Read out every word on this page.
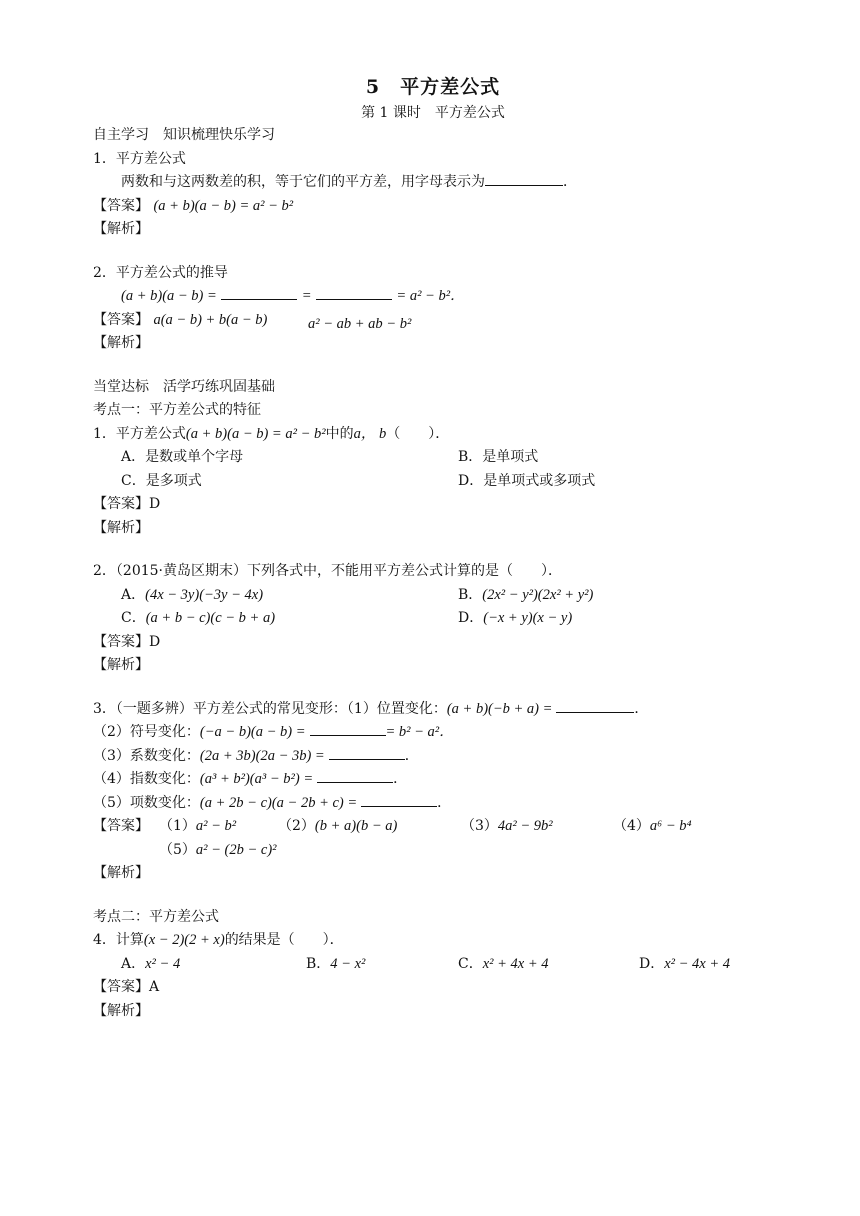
5　平方差公式
第 1 课时　平方差公式
自主学习　知识梳理快乐学习
1．平方差公式
两数和与这两数差的积，等于它们的平方差，用字母表示为	．
【答案】 (a + b)(a − b) = a² − b²
【解析】
2．平方差公式的推导
(a + b)(a − b) =	=	= a² − b²．
【答案】 a(a − b) + b(a − b)	a² − ab + ab − b²
【解析】
当堂达标　活学巧练巩固基础
考点一：平方差公式的特征
1．平方差公式(a + b)(a − b) = a² − b²中的a， b（　　）．
A．是数或单个字母	B．是单项式
C．是多项式	D．是单项式或多项式
【答案】D
【解析】
2．（2015·黄岛区期末）下列各式中，不能用平方差公式计算的是（　　）．
A．(4x − 3y)(−3y − 4x)	B．(2x² − y²)(2x² + y²)
C．(a + b − c)(c − b + a)	D．(−x + y)(x − y)
【答案】D
【解析】
3．（一题多辨）平方差公式的常见变形：（1）位置变化：(a + b)(−b + a) =	．
（2）符号变化：(−a − b)(a − b) =	= b² − a²．
（3）系数变化：(2a + 3b)(2a − 3b) =	．
（4）指数变化：(a³ + b²)(a³ − b²) =	．
（5）项数变化：(a + 2b − c)(a − 2b + c) =	．
【答案】 （1）a² − b²	（2）(b + a)(b − a)	（3）4a² − 9b²	（4）a⁶ − b⁴
（5）a² − (2b − c)²
【解析】
考点二：平方差公式
4．计算(x − 2)(2 + x)的结果是（　　）．
A．x² − 4	B．4 − x²	C．x² + 4x + 4	D．x² − 4x + 4
【答案】A
【解析】
